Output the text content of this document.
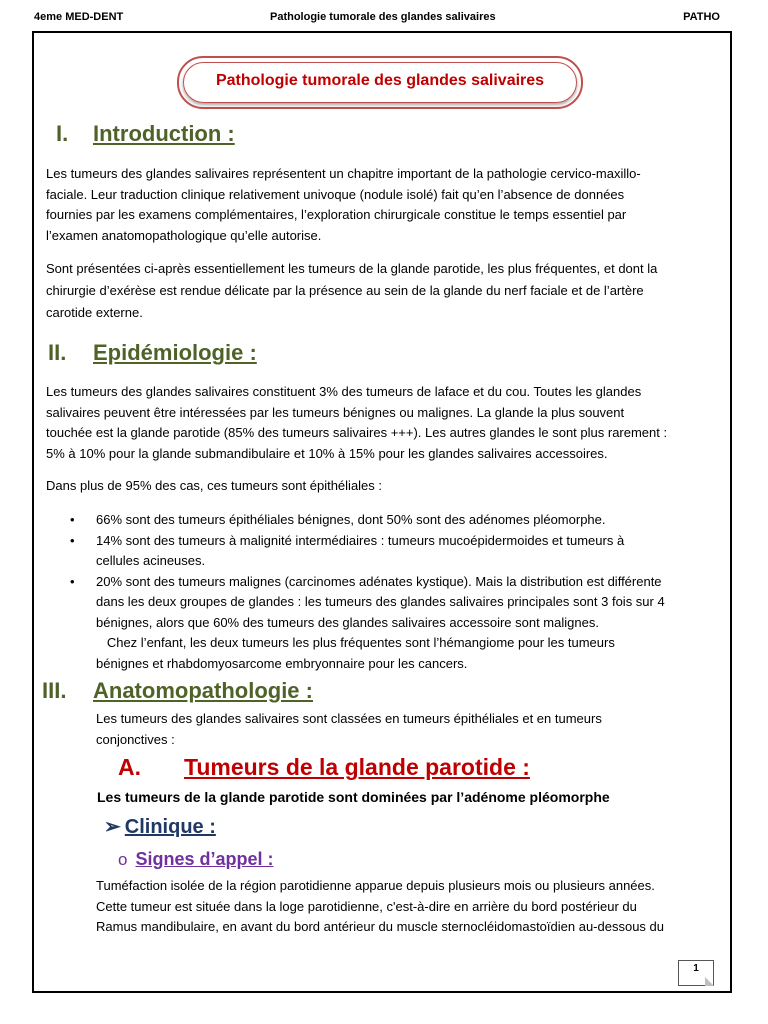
4eme MED-DENT	Pathologie tumorale des glandes salivaires	PATHO
Pathologie tumorale des glandes salivaires
I. Introduction :
Les tumeurs des glandes salivaires représentent un chapitre important de la pathologie cervico-maxillo-
faciale. Leur traduction clinique relativement univoque (nodule isolé) fait qu’en l’absence de données
fournies par les examens complémentaires, l’exploration chirurgicale constitue le temps essentiel par
l’examen anatomopathologique qu’elle autorise.
Sont présentées ci-après essentiellement les tumeurs de la glande parotide, les plus fréquentes, et dont la
chirurgie d’exérèse est rendue délicate par la présence au sein de la glande du nerf faciale et de l’artère
carotide externe.
II. Epidémiologie :
Les tumeurs des glandes salivaires constituent 3% des tumeurs de laface et du cou. Toutes les glandes
salivaires peuvent être intéressées par les tumeurs bénignes ou malignes. La glande la plus souvent
touchée est la glande parotide (85% des tumeurs salivaires +++). Les autres glandes le sont plus rarement :
5% à 10% pour la glande submandibulaire et 10% à 15% pour les glandes salivaires accessoires.
Dans plus de 95% des cas, ces tumeurs sont épithéliales :
• 66% sont des tumeurs épithéliales bénignes, dont 50% sont des adénomes pléomorphe.
• 14% sont des tumeurs à malignité intermédiaires : tumeurs mucoépidermoides et tumeurs à
cellules acineuses.
• 20% sont des tumeurs malignes (carcinomes adénates kystique). Mais la distribution est différente
dans les deux groupes de glandes : les tumeurs des glandes salivaires principales sont 3 fois sur 4
bénignes, alors que 60% des tumeurs des glandes salivaires accessoire sont malignes.
Chez l’enfant, les deux tumeurs les plus fréquentes sont l’hémangiome pour les tumeurs
bénignes et rhabdomyosarcome embryonnaire pour les cancers.
III. Anatomopathologie :
Les tumeurs des glandes salivaires sont classées en tumeurs épithéliales et en tumeurs
conjonctives :
A. Tumeurs de la glande parotide :
Les tumeurs de la glande parotide sont dominées par l’adénome pléomorphe
➢ Clinique :
o Signes d’appel :
Tuméfaction isolée de la région parotidienne apparue depuis plusieurs mois ou plusieurs années.
Cette tumeur est située dans la loge parotidienne, c'est-à-dire en arrière du bord postérieur du
Ramus mandibulaire, en avant du bord antérieur du muscle sternocléidomastoïdien au-dessous du
1
